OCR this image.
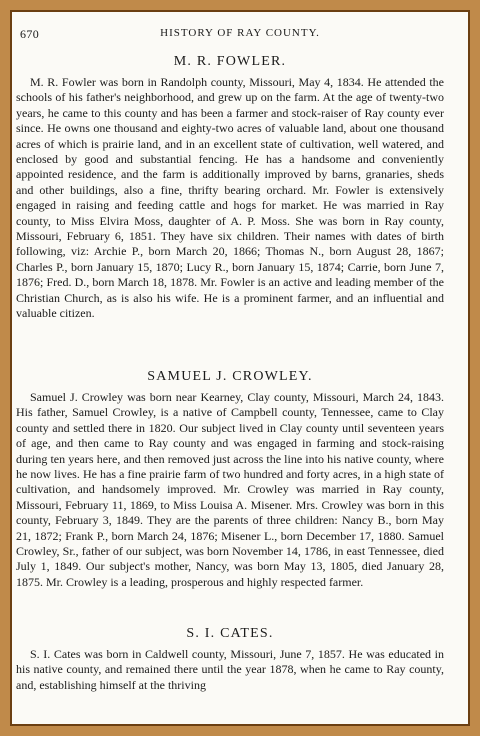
670	HISTORY OF RAY COUNTY.
M. R. FOWLER.

M. R. Fowler was born in Randolph county, Missouri, May 4, 1834. He attended the schools of his father's neighborhood, and grew up on the farm. At the age of twenty-two years, he came to this county and has been a farmer and stock-raiser of Ray county ever since. He owns one thousand and eighty-two acres of valuable land, about one thousand acres of which is prairie land, and in an excellent state of cultivation, well watered, and enclosed by good and substantial fencing. He has a handsome and conveniently appointed residence, and the farm is additionally improved by barns, granaries, sheds and other buildings, also a fine, thrifty bearing orchard. Mr. Fowler is extensively engaged in raising and feeding cattle and hogs for market. He was married in Ray county, to Miss Elvira Moss, daughter of A. P. Moss. She was born in Ray county, Missouri, February 6, 1851. They have six children. Their names with dates of birth following, viz: Archie P., born March 20, 1866; Thomas N., born August 28, 1867; Charles P., born January 15, 1870; Lucy R., born January 15, 1874; Carrie, born June 7, 1876; Fred. D., born March 18, 1878. Mr. Fowler is an active and leading member of the Christian Church, as is also his wife. He is a prominent farmer, and an influential and valuable citizen.

SAMUEL J. CROWLEY.

Samuel J. Crowley was born near Kearney, Clay county, Missouri, March 24, 1843. His father, Samuel Crowley, is a native of Campbell county, Tennessee, came to Clay county and settled there in 1820. Our subject lived in Clay county until seventeen years of age, and then came to Ray county and was engaged in farming and stock-raising during ten years here, and then removed just across the line into his native county, where he now lives. He has a fine prairie farm of two hundred and forty acres, in a high state of cultivation, and handsomely improved. Mr. Crowley was married in Ray county, Missouri, February 11, 1869, to Miss Louisa A. Misener. Mrs. Crowley was born in this county, February 3, 1849. They are the parents of three children: Nancy B., born May 21, 1872; Frank P., born March 24, 1876; Misener L., born December 17, 1880. Samuel Crowley, Sr., father of our subject, was born November 14, 1786, in east Tennessee, died July 1, 1849. Our subject's mother, Nancy, was born May 13, 1805, died January 28, 1875. Mr. Crowley is a leading, prosperous and highly respected farmer.

S. I. CATES.

S. I. Cates was born in Caldwell county, Missouri, June 7, 1857. He was educated in his native county, and remained there until the year 1878, when he came to Ray county, and, establishing himself at the thriving
